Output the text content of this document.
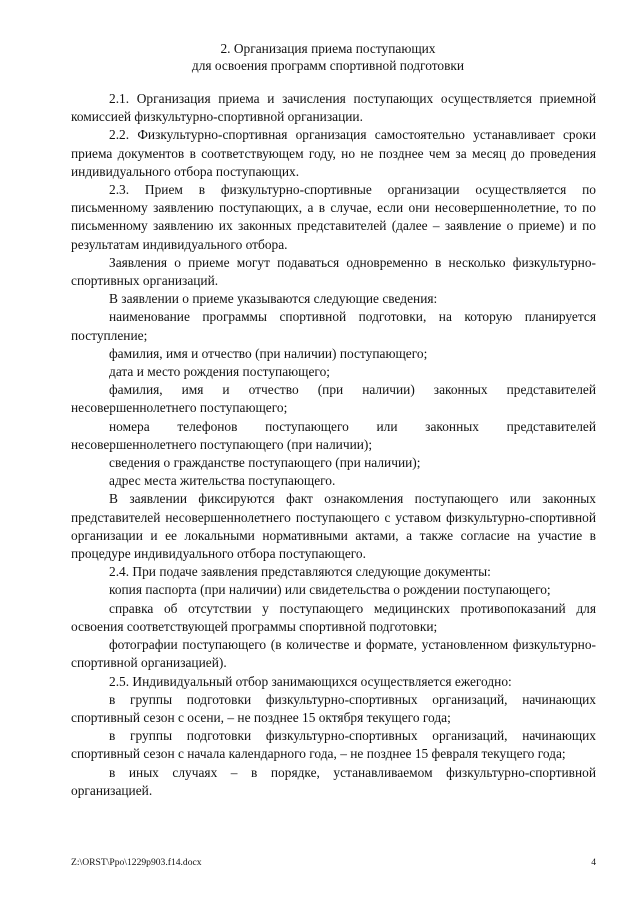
2. Организация приема поступающих
для освоения программ спортивной подготовки

2.1. Организация приема и зачисления поступающих осуществляется приемной комиссией физкультурно-спортивной организации.

2.2. Физкультурно-спортивная организация самостоятельно устанавливает сроки приема документов в соответствующем году, но не позднее чем за месяц до проведения индивидуального отбора поступающих.

2.3. Прием в физкультурно-спортивные организации осуществляется по письменному заявлению поступающих, а в случае, если они несовершеннолетние, то по письменному заявлению их законных представителей (далее – заявление о приеме) и по результатам индивидуального отбора.

Заявления о приеме могут подаваться одновременно в несколько физкультурно-спортивных организаций.

В заявлении о приеме указываются следующие сведения:

наименование программы спортивной подготовки, на которую планируется поступление;

фамилия, имя и отчество (при наличии) поступающего;

дата и место рождения поступающего;

фамилия, имя и отчество (при наличии) законных представителей несовершеннолетнего поступающего;

номера телефонов поступающего или законных представителей несовершеннолетнего поступающего (при наличии);

сведения о гражданстве поступающего (при наличии);

адрес места жительства поступающего.

В заявлении фиксируются факт ознакомления поступающего или законных представителей несовершеннолетнего поступающего с уставом физкультурно-спортивной организации и ее локальными нормативными актами, а также согласие на участие в процедуре индивидуального отбора поступающего.

2.4. При подаче заявления представляются следующие документы:

копия паспорта (при наличии) или свидетельства о рождении поступающего;

справка об отсутствии у поступающего медицинских противопоказаний для освоения соответствующей программы спортивной подготовки;

фотографии поступающего (в количестве и формате, установленном физкультурно-спортивной организацией).

2.5. Индивидуальный отбор занимающихся осуществляется ежегодно:

в группы подготовки физкультурно-спортивных организаций, начинающих спортивный сезон с осени, – не позднее 15 октября текущего года;

в группы подготовки физкультурно-спортивных организаций, начинающих спортивный сезон с начала календарного года, – не позднее 15 февраля текущего года;

в иных случаях – в порядке, устанавливаемом физкультурно-спортивной организацией.

Z:\ORST\Ppo\1229p903.f14.docx	4
